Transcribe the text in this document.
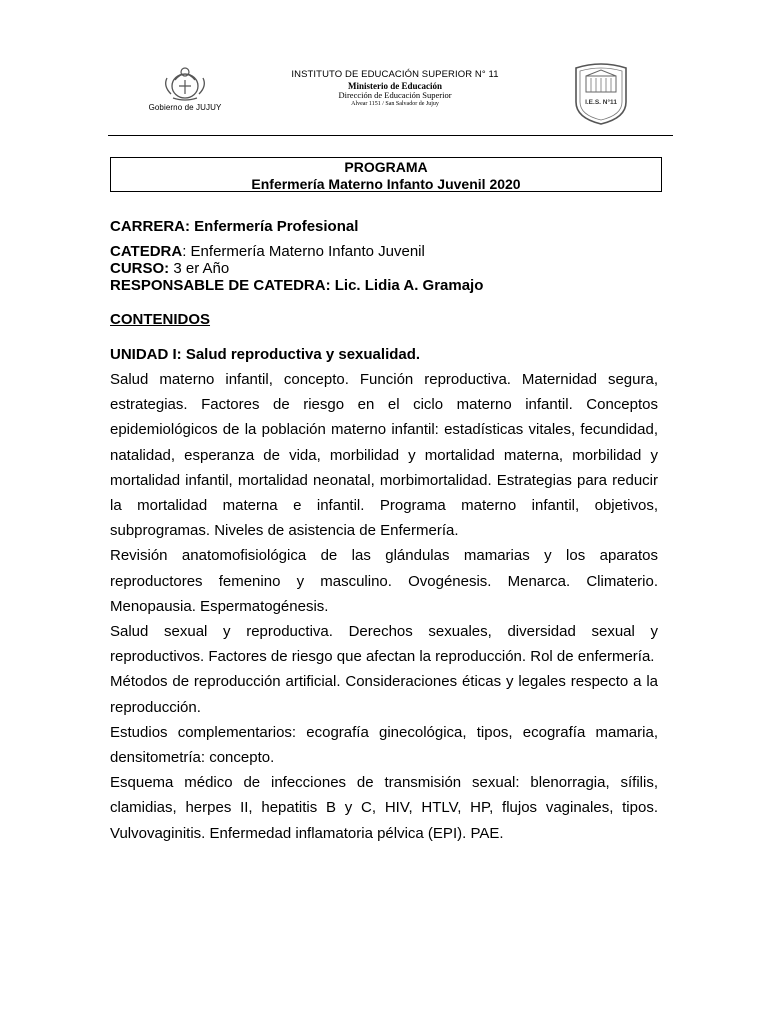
Gobierno de JUJUY
INSTITUTO DE EDUCACIÓN SUPERIOR N° 11
Ministerio de Educación
Dirección de Educación Superior
Alvear 1151 / San Salvador de Jujuy	I.E.S. N°11
PROGRAMA
Enfermería Materno Infanto Juvenil 2020
CARRERA: Enfermería Profesional
CATEDRA: Enfermería Materno Infanto Juvenil
CURSO: 3 er Año
RESPONSABLE DE CATEDRA: Lic. Lidia A. Gramajo
CONTENIDOS
UNIDAD I: Salud reproductiva y sexualidad.

Salud materno infantil, concepto. Función reproductiva. Maternidad segura, estrategias. Factores de riesgo en el ciclo materno infantil. Conceptos epidemiológicos de la población materno infantil: estadísticas vitales, fecundidad, natalidad, esperanza de vida, morbilidad y mortalidad materna, morbilidad y mortalidad infantil, mortalidad neonatal, morbimortalidad. Estrategias para reducir la mortalidad materna e infantil. Programa materno infantil, objetivos, subprogramas. Niveles de asistencia de Enfermería.

Revisión anatomofisiológica de las glándulas mamarias y los aparatos reproductores femenino y masculino. Ovogénesis. Menarca. Climaterio. Menopausia. Espermatogénesis.

Salud sexual y reproductiva. Derechos sexuales, diversidad sexual y reproductivos. Factores de riesgo que afectan la reproducción. Rol de enfermería.

Métodos de reproducción artificial. Consideraciones éticas y legales respecto a la reproducción.

Estudios complementarios: ecografía ginecológica, tipos, ecografía mamaria, densitometría: concepto.

Esquema médico de infecciones de transmisión sexual: blenorragia, sífilis, clamidias, herpes II, hepatitis B y C, HIV, HTLV, HP, flujos vaginales, tipos. Vulvovaginitis. Enfermedad inflamatoria pélvica (EPI). PAE.
